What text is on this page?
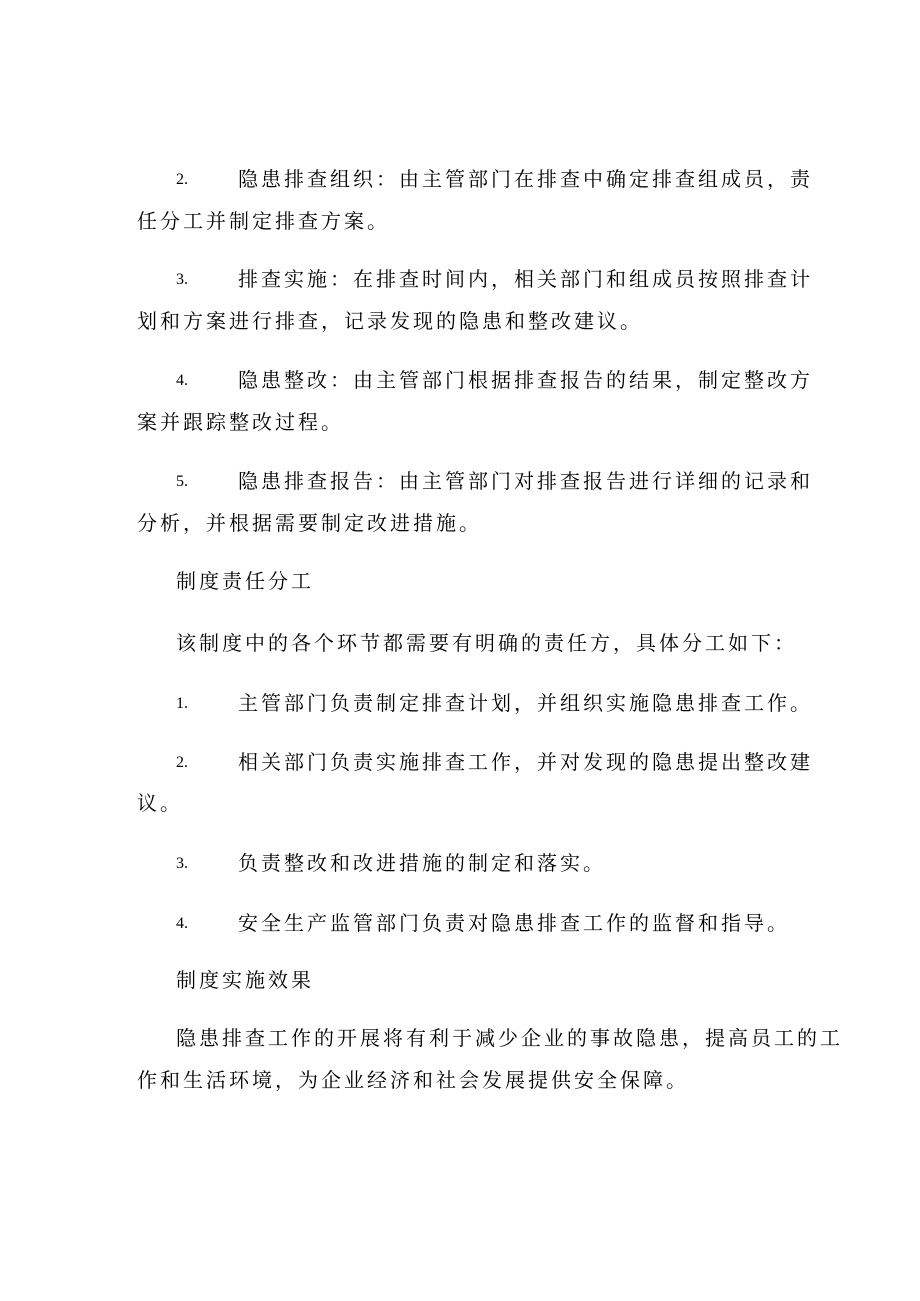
2.	隐患排查组织：由主管部门在排查中确定排查组成员，责
任分工并制定排查方案。
3.	排查实施：在排查时间内，相关部门和组成员按照排查计
划和方案进行排查，记录发现的隐患和整改建议。
4.	隐患整改：由主管部门根据排查报告的结果，制定整改方
案并跟踪整改过程。
5.	隐患排查报告：由主管部门对排查报告进行详细的记录和
分析，并根据需要制定改进措施。
制度责任分工
该制度中的各个环节都需要有明确的责任方，具体分工如下：
1.	主管部门负责制定排查计划，并组织实施隐患排查工作。
2.	相关部门负责实施排查工作，并对发现的隐患提出整改建
议。
3.	负责整改和改进措施的制定和落实。
4.	安全生产监管部门负责对隐患排查工作的监督和指导。
制度实施效果
隐患排查工作的开展将有利于减少企业的事故隐患，提高员工的工
作和生活环境，为企业经济和社会发展提供安全保障。
